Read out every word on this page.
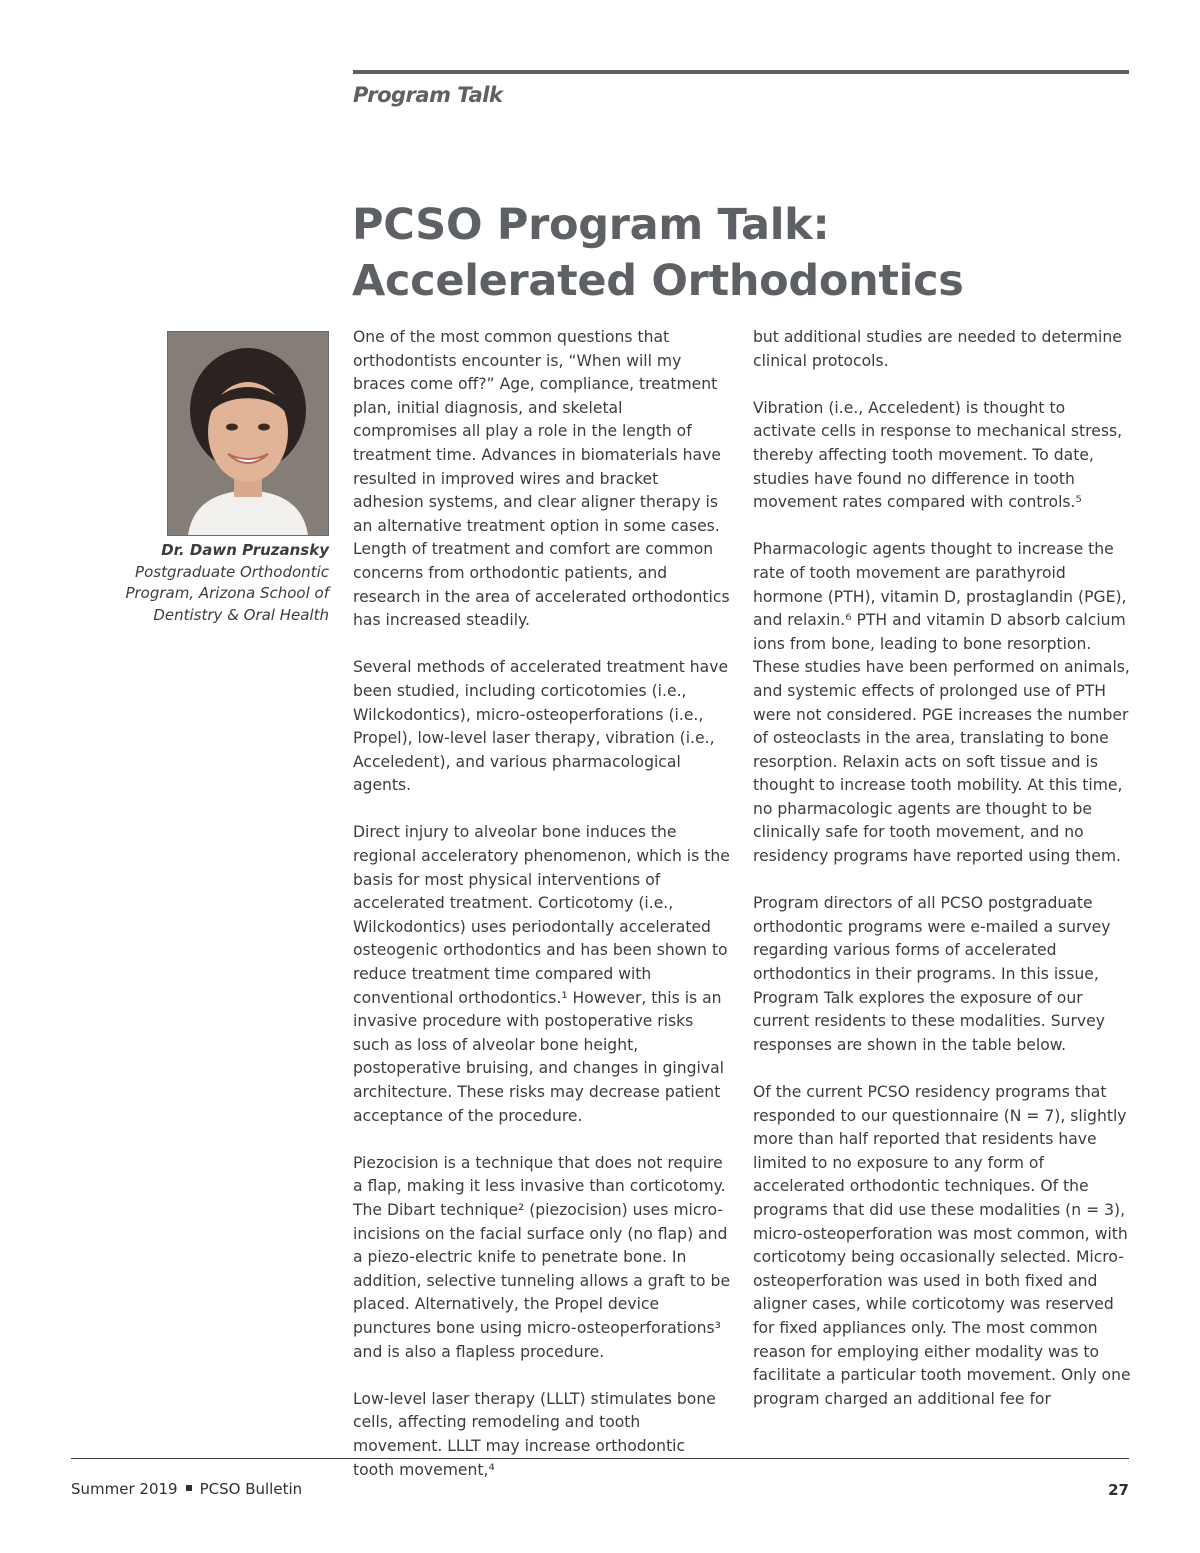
Program Talk
PCSO Program Talk:
Accelerated Orthodontics
Dr. Dawn Pruzansky
Postgraduate Orthodontic
Program, Arizona School of
Dentistry & Oral Health

One of the most common questions that orthodontists encounter is, “When will my braces come off?” Age, compliance, treatment plan, initial diagnosis, and skeletal compromises all play a role in the length of treatment time. Advances in biomaterials have resulted in improved wires and bracket adhesion systems, and clear aligner therapy is an alternative treatment option in some cases. Length of treatment and comfort are common concerns from orthodontic patients, and research in the area of accelerated orthodontics has increased steadily.

Several methods of accelerated treatment have been studied, including corticotomies (i.e., Wilckodontics), micro-osteoperforations (i.e., Propel), low-level laser therapy, vibration (i.e., Acceledent), and various pharmacological agents.

Direct injury to alveolar bone induces the regional acceleratory phenomenon, which is the basis for most physical interventions of accelerated treatment. Corticotomy (i.e., Wilckodontics) uses periodontally accelerated osteogenic orthodontics and has been shown to reduce treatment time compared with conventional orthodontics.¹ However, this is an invasive procedure with postoperative risks such as loss of alveolar bone height, postoperative bruising, and changes in gingival architecture. These risks may decrease patient acceptance of the procedure.

Piezocision is a technique that does not require a flap, making it less invasive than corticotomy. The Dibart technique² (piezocision) uses micro-incisions on the facial surface only (no flap) and a piezo-electric knife to penetrate bone. In addition, selective tunneling allows a graft to be placed. Alternatively, the Propel device punctures bone using micro-osteoperforations³ and is also a flapless procedure.

Low-level laser therapy (LLLT) stimulates bone cells, affecting remodeling and tooth movement. LLLT may increase orthodontic tooth movement,⁴

but additional studies are needed to determine clinical protocols.

Vibration (i.e., Acceledent) is thought to activate cells in response to mechanical stress, thereby affecting tooth movement. To date, studies have found no difference in tooth movement rates compared with controls.⁵

Pharmacologic agents thought to increase the rate of tooth movement are parathyroid hormone (PTH), vitamin D, prostaglandin (PGE), and relaxin.⁶ PTH and vitamin D absorb calcium ions from bone, leading to bone resorption. These studies have been performed on animals, and systemic effects of prolonged use of PTH were not considered. PGE increases the number of osteoclasts in the area, translating to bone resorption. Relaxin acts on soft tissue and is thought to increase tooth mobility. At this time, no pharmacologic agents are thought to be clinically safe for tooth movement, and no residency programs have reported using them.

Program directors of all PCSO postgraduate orthodontic programs were e-mailed a survey regarding various forms of accelerated orthodontics in their programs. In this issue, Program Talk explores the exposure of our current residents to these modalities. Survey responses are shown in the table below.

Of the current PCSO residency programs that responded to our questionnaire (N = 7), slightly more than half reported that residents have limited to no exposure to any form of accelerated orthodontic techniques. Of the programs that did use these modalities (n = 3), micro-osteoperforation was most common, with corticotomy being occasionally selected. Micro-osteoperforation was used in both fixed and aligner cases, while corticotomy was reserved for fixed appliances only. The most common reason for employing either modality was to facilitate a particular tooth movement. Only one program charged an additional fee for

Summer 2019 PCSO Bulletin	27
